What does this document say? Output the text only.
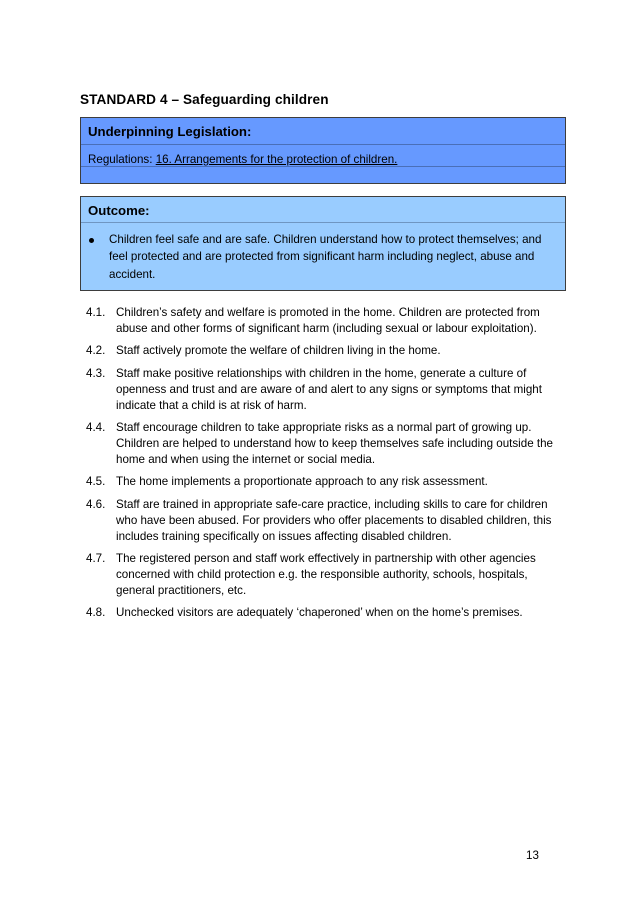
STANDARD 4 – Safeguarding children
Underpinning Legislation:
Regulations: 16. Arrangements for the protection of children.
Outcome:
Children feel safe and are safe. Children understand how to protect themselves; and feel protected and are protected from significant harm including neglect, abuse and accident.
4.1. Children’s safety and welfare is promoted in the home. Children are protected from abuse and other forms of significant harm (including sexual or labour exploitation).
4.2. Staff actively promote the welfare of children living in the home.
4.3. Staff make positive relationships with children in the home, generate a culture of openness and trust and are aware of and alert to any signs or symptoms that might indicate that a child is at risk of harm.
4.4. Staff encourage children to take appropriate risks as a normal part of growing up. Children are helped to understand how to keep themselves safe including outside the home and when using the internet or social media.
4.5. The home implements a proportionate approach to any risk assessment.
4.6. Staff are trained in appropriate safe-care practice, including skills to care for children who have been abused. For providers who offer placements to disabled children, this includes training specifically on issues affecting disabled children.
4.7. The registered person and staff work effectively in partnership with other agencies concerned with child protection e.g. the responsible authority, schools, hospitals, general practitioners, etc.
4.8. Unchecked visitors are adequately ‘chaperoned’ when on the home’s premises.
13
